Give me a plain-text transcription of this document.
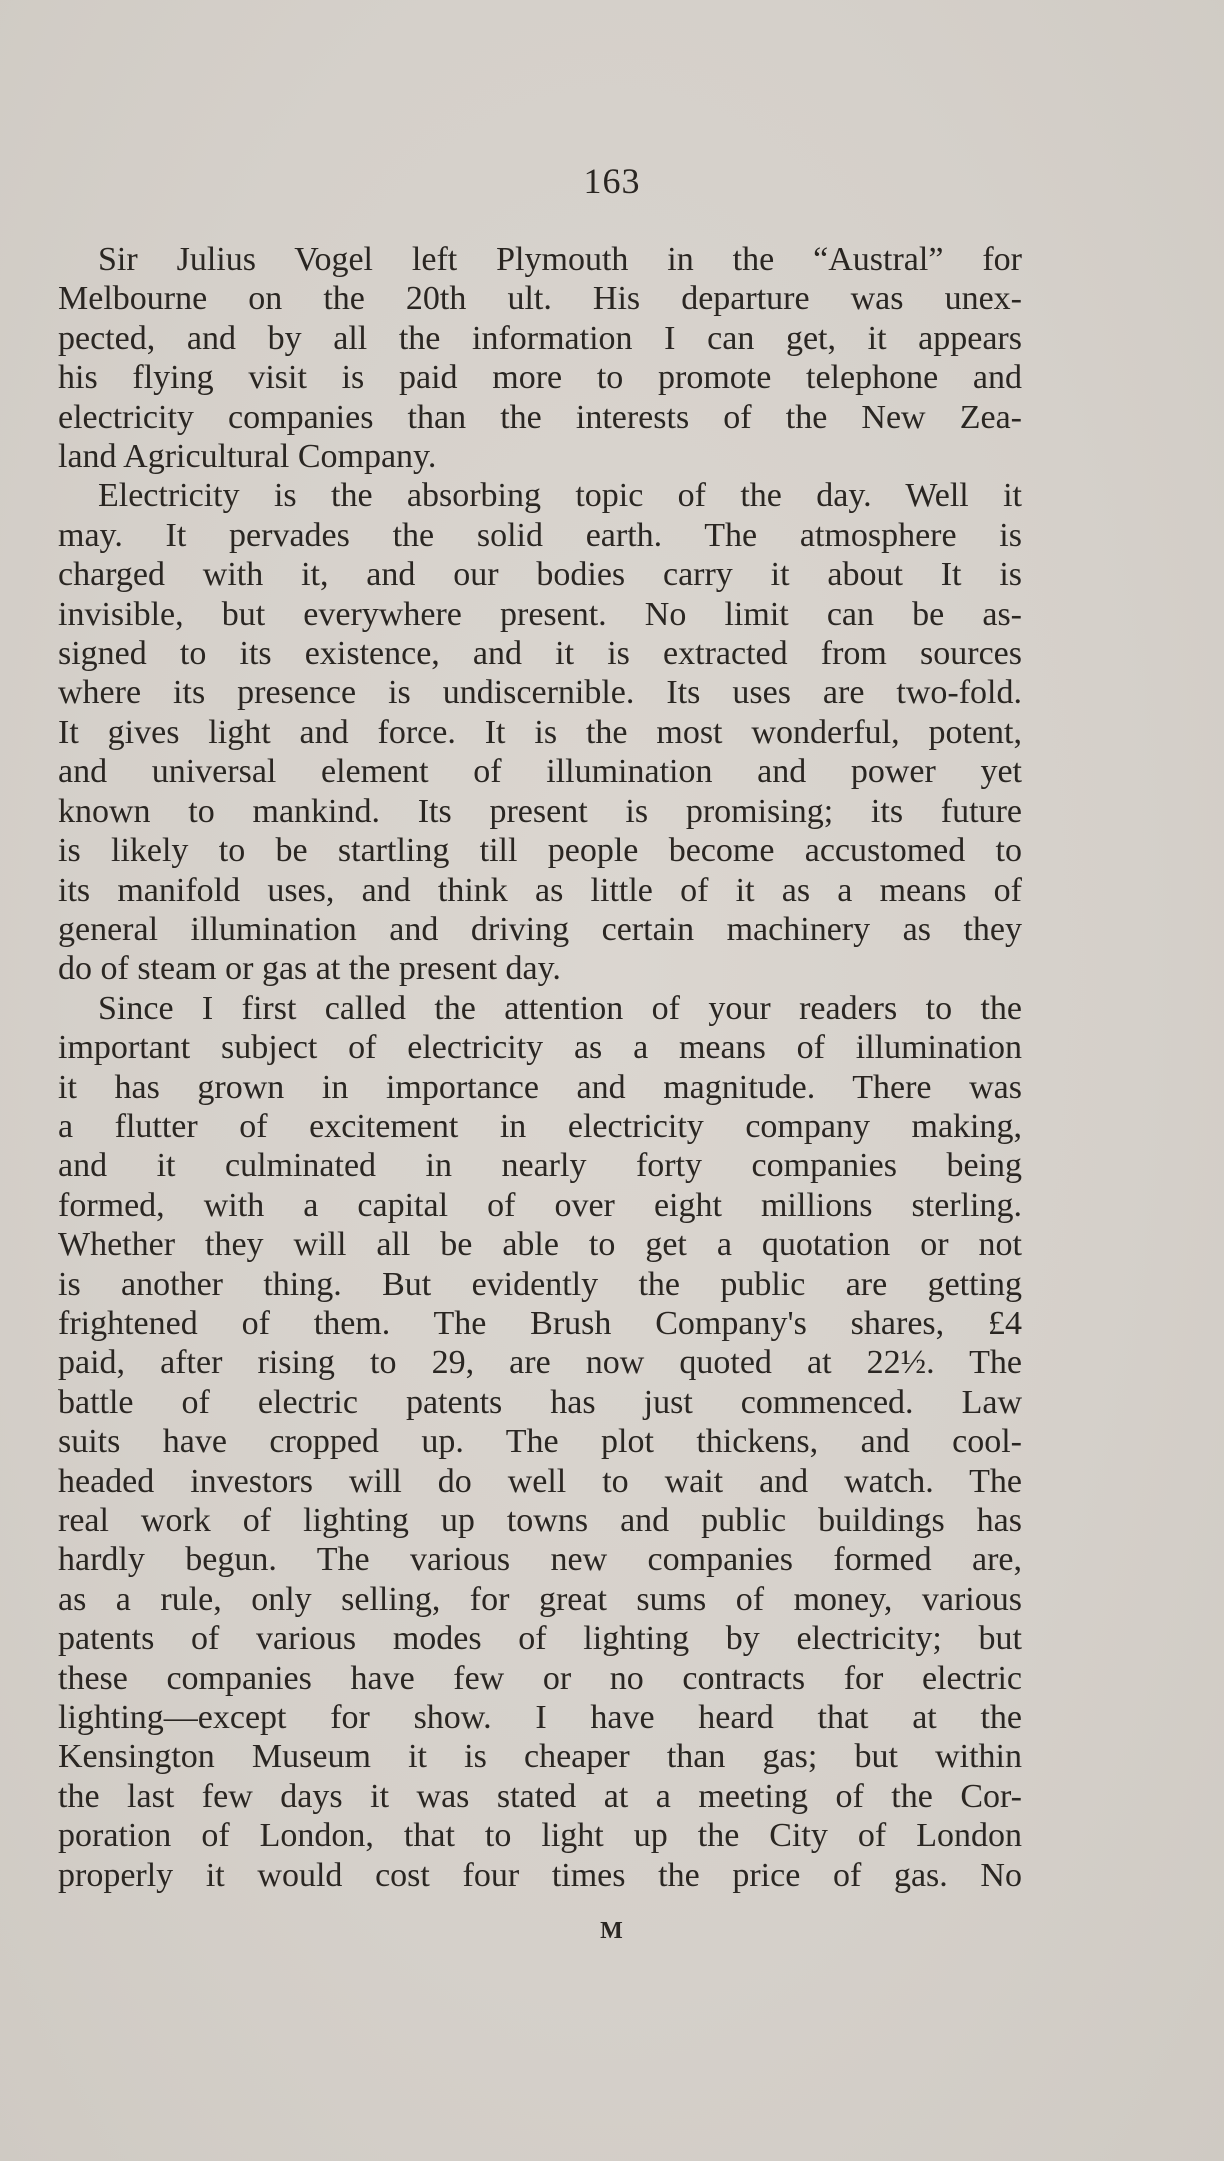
163
Sir Julius Vogel left Plymouth in the “Austral” for
Melbourne on the 20th ult. His departure was unex-
pected, and by all the information I can get, it appears
his flying visit is paid more to promote telephone and
electricity companies than the interests of the New Zea-
land Agricultural Company.
Electricity is the absorbing topic of the day. Well it
may. It pervades the solid earth. The atmosphere is
charged with it, and our bodies carry it about It is
invisible, but everywhere present. No limit can be as-
signed to its existence, and it is extracted from sources
where its presence is undiscernible. Its uses are two-fold.
It gives light and force. It is the most wonderful, potent,
and universal element of illumination and power yet
known to mankind. Its present is promising; its future
is likely to be startling till people become accustomed to
its manifold uses, and think as little of it as a means of
general illumination and driving certain machinery as they
do of steam or gas at the present day.
Since I first called the attention of your readers to the
important subject of electricity as a means of illumination
it has grown in importance and magnitude. There was
a flutter of excitement in electricity company making,
and it culminated in nearly forty companies being
formed, with a capital of over eight millions sterling.
Whether they will all be able to get a quotation or not
is another thing. But evidently the public are getting
frightened of them. The Brush Company's shares, £4
paid, after rising to 29, are now quoted at 22½. The
battle of electric patents has just commenced. Law
suits have cropped up. The plot thickens, and cool-
headed investors will do well to wait and watch. The
real work of lighting up towns and public buildings has
hardly begun. The various new companies formed are,
as a rule, only selling, for great sums of money, various
patents of various modes of lighting by electricity; but
these companies have few or no contracts for electric
lighting—except for show. I have heard that at the
Kensington Museum it is cheaper than gas; but within
the last few days it was stated at a meeting of the Cor-
poration of London, that to light up the City of London
properly it would cost four times the price of gas. No
M
